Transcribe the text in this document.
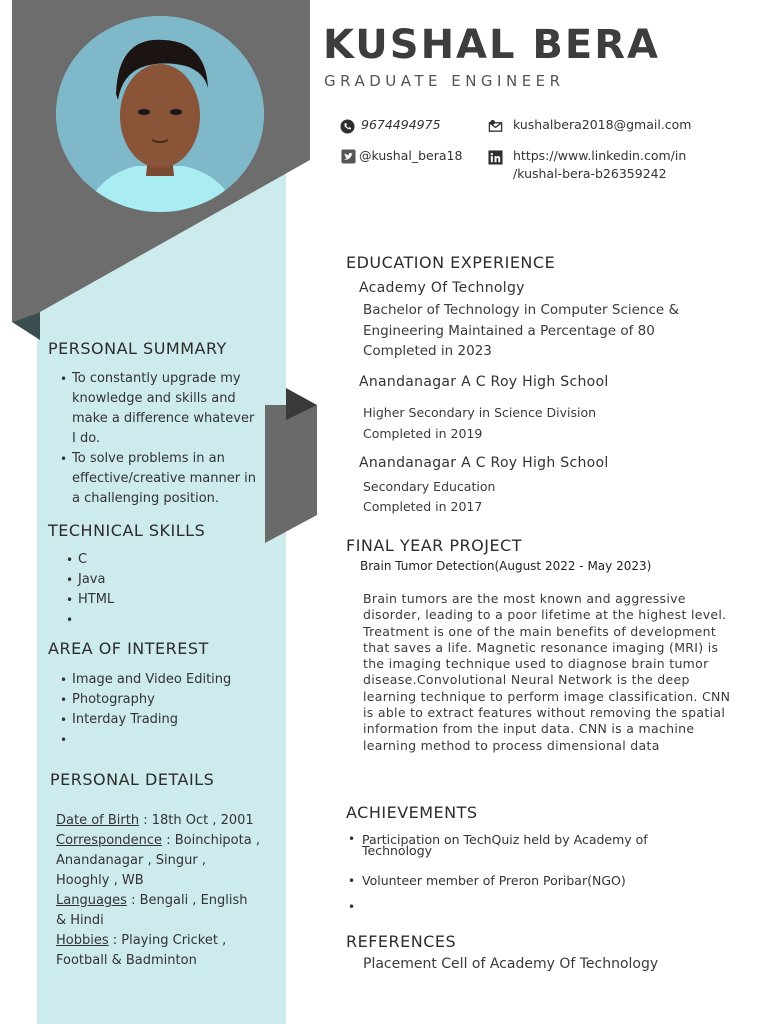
KUSHAL BERA
GRADUATE ENGINEER
9674494975	kushalbera2018@gmail.com
@kushal_bera18	https://www.linkedin.com/in
/kushal-bera-b26359242
PERSONAL SUMMARY
• To constantly upgrade my knowledge and skills and make a difference whatever I do.
• To solve problems in an effective/creative manner in a challenging position.
TECHNICAL SKILLS
• C
• Java
• HTML
•
AREA OF INTEREST
• Image and Video Editing
• Photography
• Interday Trading
•
PERSONAL DETAILS
Date of Birth : 18th Oct , 2001
Correspondence : Boinchipota , Anandanagar , Singur , Hooghly , WB
Languages : Bengali , English & Hindi
Hobbies : Playing Cricket , Football & Badminton
EDUCATION EXPERIENCE
Academy Of Technolgy
Bachelor of Technology in Computer Science & Engineering Maintained a Percentage of 80
Completed in 2023
Anandanagar A C Roy High School
Higher Secondary in Science Division
Completed in 2019
Anandanagar A C Roy High School
Secondary Education
Completed in 2017
FINAL YEAR PROJECT
Brain Tumor Detection(August 2022 - May 2023)
Brain tumors are the most known and aggressive disorder, leading to a poor lifetime at the highest level. Treatment is one of the main benefits of development that saves a life. Magnetic resonance imaging (MRI) is the imaging technique used to diagnose brain tumor disease.Convolutional Neural Network is the deep learning technique to perform image classification. CNN is able to extract features without removing the spatial information from the input data. CNN is a machine learning method to process dimensional data
ACHIEVEMENTS
• Participation on TechQuiz held by Academy of Technology
• Volunteer member of Preron Poribar(NGO)
•
REFERENCES
Placement Cell of Academy Of Technology
